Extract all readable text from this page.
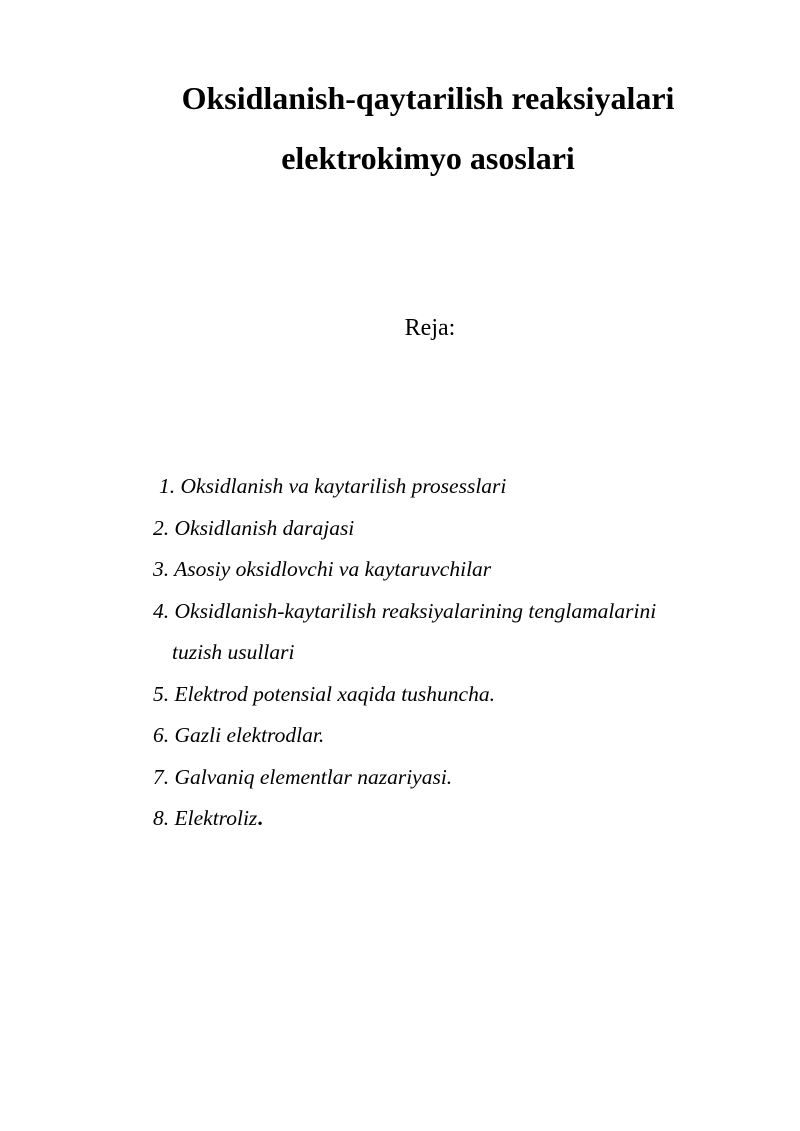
Oksidlanish-qaytarilish reaksiyalari
elektrokimyo asoslari

Reja:

1. Oksidlanish va kaytarilish prosesslari
2. Oksidlanish darajasi
3. Asosiy oksidlovchi va kaytaruvchilar
4. Oksidlanish-kaytarilish reaksiyalarining tenglamalarini
tuzish usullari
5. Elektrod potensial xaqida tushuncha.
6. Gazli elektrodlar.
7. Galvaniq elementlar nazariyasi.
8. Elektroliz.
